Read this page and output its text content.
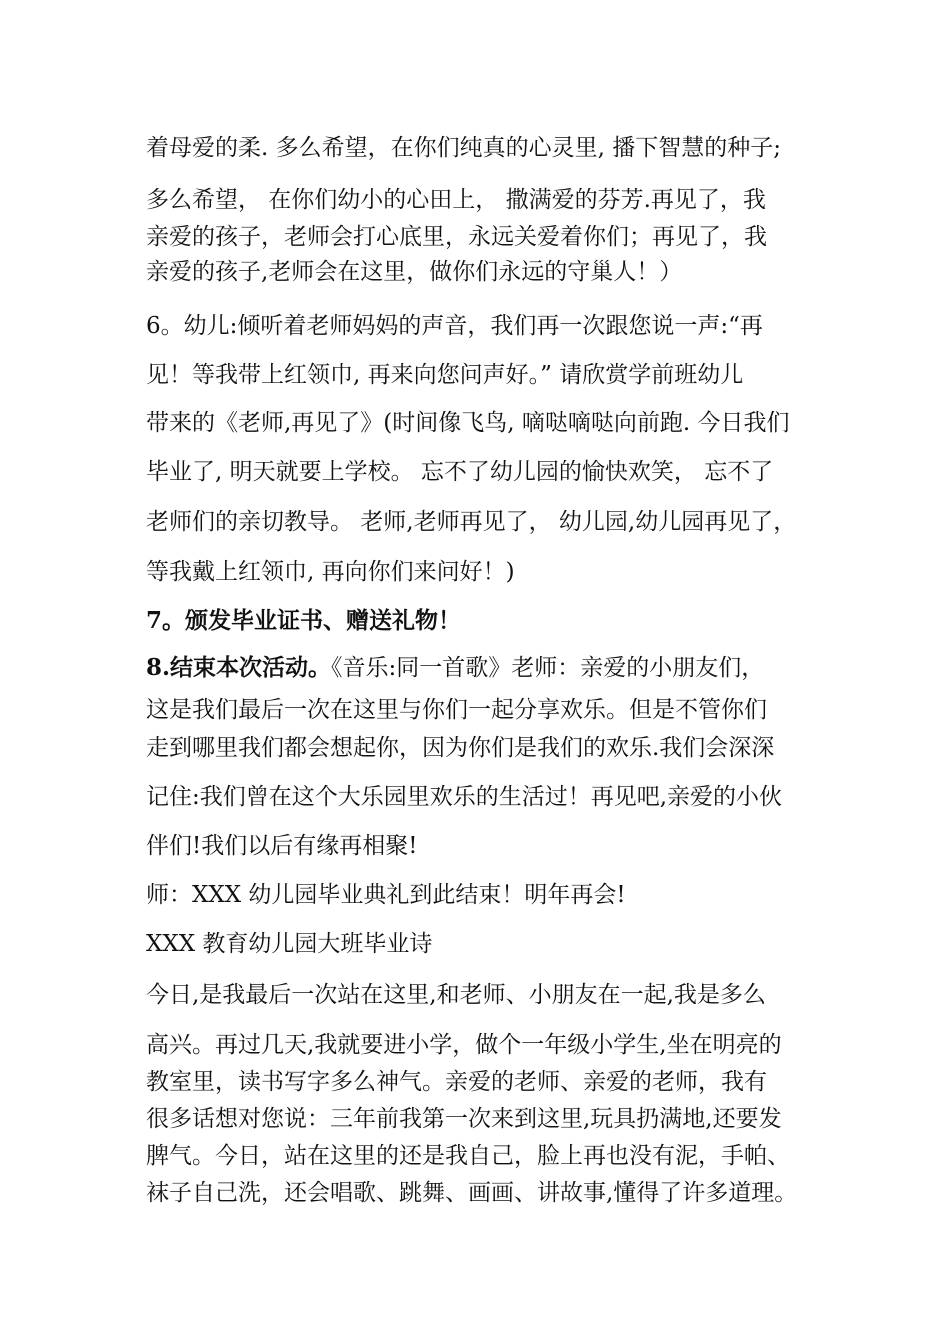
着母爱的柔. 多么希望，在你们纯真的心灵里, 播下智慧的种子;
多么希望， 在你们幼小的心田上， 撒满爱的芬芳.再见了，我
亲爱的孩子，老师会打心底里，永远关爱着你们；再见了，我
亲爱的孩子,老师会在这里，做你们永远的守巢人！）
6。幼儿:倾听着老师妈妈的声音，我们再一次跟您说一声:“再
见！等我带上红领巾, 再来向您问声好。” 请欣赏学前班幼儿
带来的《老师,再见了》(时间像飞鸟, 嘀哒嘀哒向前跑. 今日我们
毕业了, 明天就要上学校。 忘不了幼儿园的愉快欢笑， 忘不了
老师们的亲切教导。 老师,老师再见了， 幼儿园,幼儿园再见了，
等我戴上红领巾, 再向你们来问好！)
7。颁发毕业证书、赠送礼物！
8.结束本次活动。《音乐:同一首歌》老师：亲爱的小朋友们，
这是我们最后一次在这里与你们一起分享欢乐。但是不管你们
走到哪里我们都会想起你，因为你们是我们的欢乐.我们会深深
记住:我们曾在这个大乐园里欢乐的生活过！再见吧,亲爱的小伙
伴们!我们以后有缘再相聚!
师：XXX 幼儿园毕业典礼到此结束！明年再会!
XXX 教育幼儿园大班毕业诗
今日,是我最后一次站在这里,和老师、小朋友在一起,我是多么
高兴。再过几天,我就要进小学，做个一年级小学生,坐在明亮的
教室里，读书写字多么神气。亲爱的老师、亲爱的老师，我有
很多话想对您说：三年前我第一次来到这里,玩具扔满地,还要发
脾气。今日，站在这里的还是我自己，脸上再也没有泥，手帕、
袜子自己洗，还会唱歌、跳舞、画画、讲故事,懂得了许多道理。
